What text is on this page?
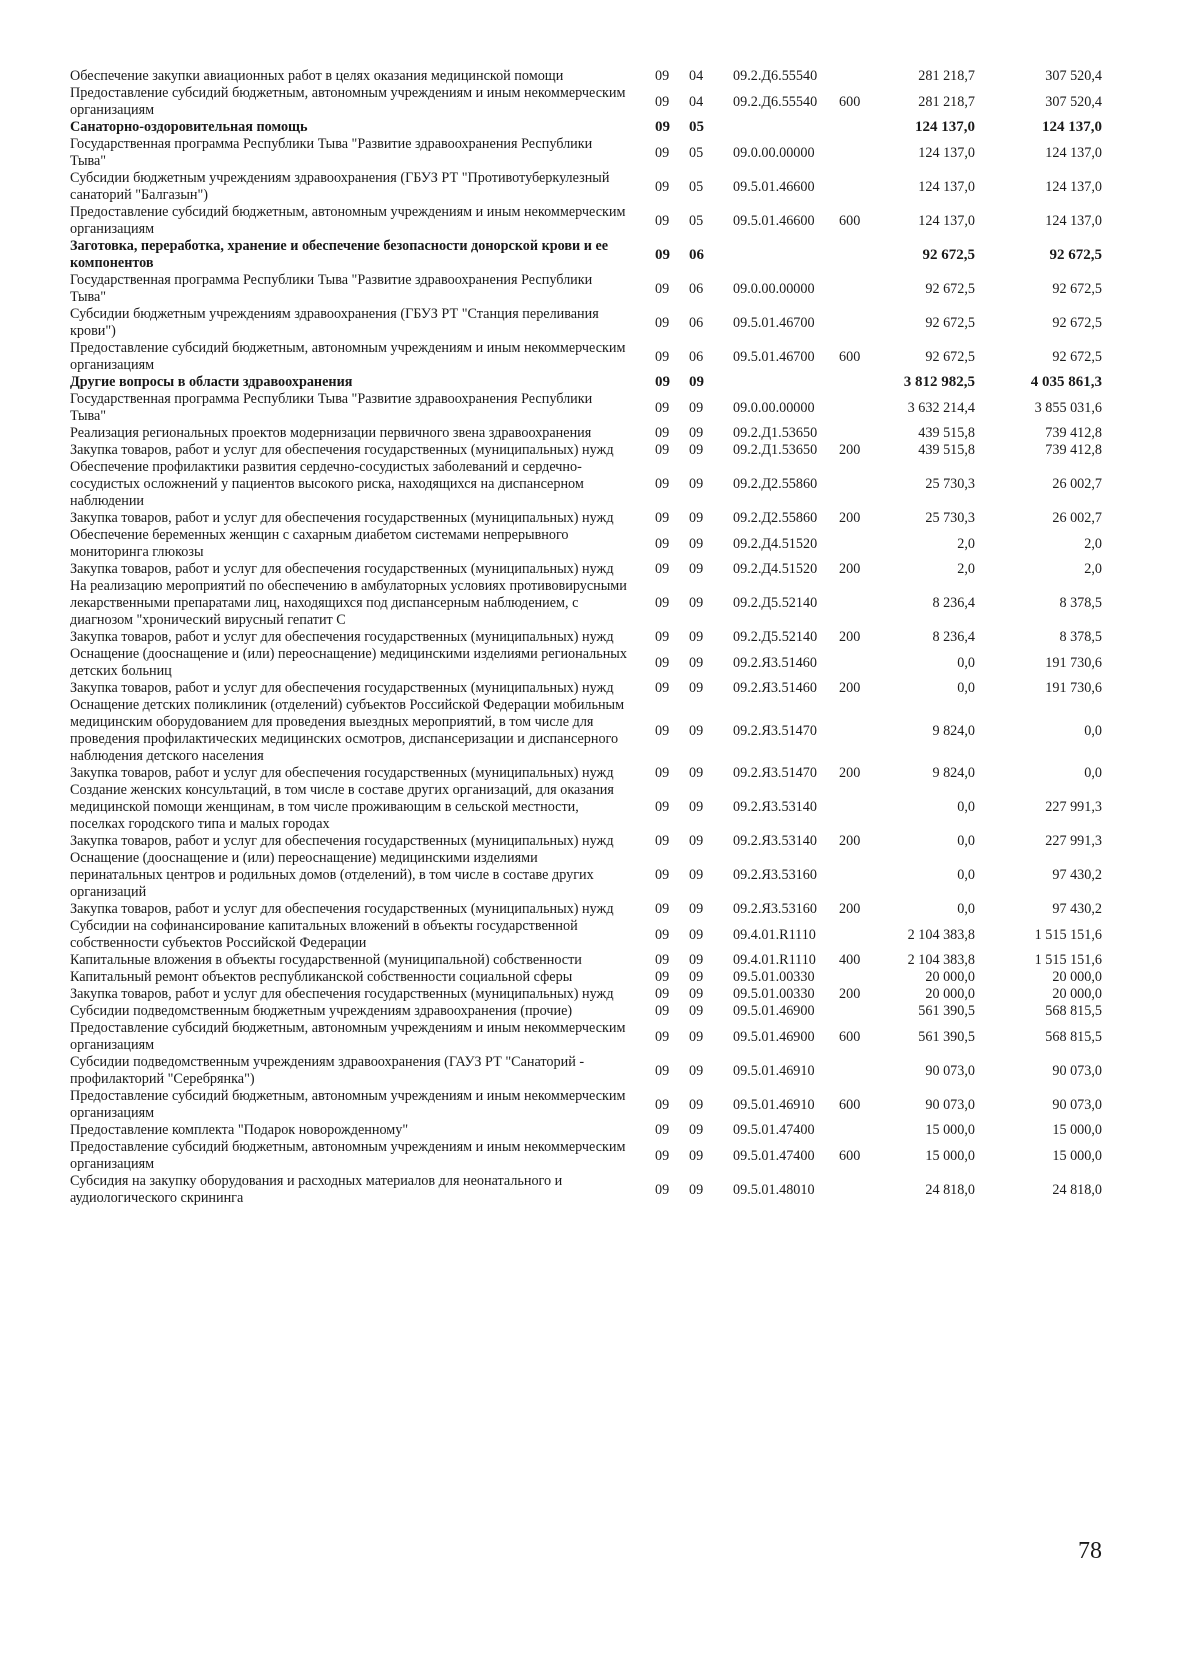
Обеспечение закупки авиационных работ в целях оказания медицинской помощи	09	04	09.2.Д6.55540		281 218,7	307 520,4
Предоставление субсидий бюджетным, автономным учреждениям и иным некоммерческим организациям	09	04	09.2.Д6.55540	600	281 218,7	307 520,4
Санаторно-оздоровительная помощь	09	05			124 137,0	124 137,0
Государственная программа Республики Тыва "Развитие здравоохранения Республики Тыва"	09	05	09.0.00.00000		124 137,0	124 137,0
Субсидии бюджетным учреждениям здравоохранения (ГБУЗ РТ "Противотуберкулезный санаторий "Балгазын")	09	05	09.5.01.46600		124 137,0	124 137,0
Предоставление субсидий бюджетным, автономным учреждениям и иным некоммерческим организациям	09	05	09.5.01.46600	600	124 137,0	124 137,0
Заготовка, переработка, хранение и обеспечение безопасности донорской крови и ее компонентов	09	06			92 672,5	92 672,5
Государственная программа Республики Тыва "Развитие здравоохранения Республики Тыва"	09	06	09.0.00.00000		92 672,5	92 672,5
Субсидии бюджетным учреждениям здравоохранения (ГБУЗ РТ "Станция переливания крови")	09	06	09.5.01.46700		92 672,5	92 672,5
Предоставление субсидий бюджетным, автономным учреждениям и иным некоммерческим организациям	09	06	09.5.01.46700	600	92 672,5	92 672,5
Другие вопросы в области здравоохранения	09	09			3 812 982,5	4 035 861,3
Государственная программа Республики Тыва "Развитие здравоохранения Республики Тыва"	09	09	09.0.00.00000		3 632 214,4	3 855 031,6
Реализация региональных проектов модернизации первичного звена здравоохранения	09	09	09.2.Д1.53650		439 515,8	739 412,8
Закупка товаров, работ и услуг для обеспечения государственных (муниципальных) нужд	09	09	09.2.Д1.53650	200	439 515,8	739 412,8
Обеспечение профилактики развития сердечно-сосудистых заболеваний и сердечно-сосудистых осложнений у пациентов высокого риска, находящихся на диспансерном наблюдении	09	09	09.2.Д2.55860		25 730,3	26 002,7
Закупка товаров, работ и услуг для обеспечения государственных (муниципальных) нужд	09	09	09.2.Д2.55860	200	25 730,3	26 002,7
Обеспечение беременных женщин с сахарным диабетом системами непрерывного мониторинга глюкозы	09	09	09.2.Д4.51520		2,0	2,0
Закупка товаров, работ и услуг для обеспечения государственных (муниципальных) нужд	09	09	09.2.Д4.51520	200	2,0	2,0
На реализацию мероприятий по обеспечению в амбулаторных условиях противовирусными лекарственными препаратами лиц, находящихся под диспансерным наблюдением, с диагнозом "хронический вирусный гепатит С	09	09	09.2.Д5.52140		8 236,4	8 378,5
Закупка товаров, работ и услуг для обеспечения государственных (муниципальных) нужд	09	09	09.2.Д5.52140	200	8 236,4	8 378,5
Оснащение (дооснащение и (или) переоснащение) медицинскими изделиями региональных детских больниц	09	09	09.2.Я3.51460		0,0	191 730,6
Закупка товаров, работ и услуг для обеспечения государственных (муниципальных) нужд	09	09	09.2.Я3.51460	200	0,0	191 730,6
Оснащение детских поликлиник (отделений) субъектов Российской Федерации мобильным медицинским оборудованием для проведения выездных мероприятий, в том числе для проведения профилактических медицинских осмотров, диспансеризации и диспансерного наблюдения детского населения	09	09	09.2.Я3.51470		9 824,0	0,0
Закупка товаров, работ и услуг для обеспечения государственных (муниципальных) нужд	09	09	09.2.Я3.51470	200	9 824,0	0,0
Создание женских консультаций, в том числе в составе других организаций, для оказания медицинской помощи женщинам, в том числе проживающим в сельской местности, поселках городского типа и малых городах	09	09	09.2.Я3.53140		0,0	227 991,3
Закупка товаров, работ и услуг для обеспечения государственных (муниципальных) нужд	09	09	09.2.Я3.53140	200	0,0	227 991,3
Оснащение (дооснащение и (или) переоснащение) медицинскими изделиями перинатальных центров и родильных домов (отделений), в том числе в составе других организаций	09	09	09.2.Я3.53160		0,0	97 430,2
Закупка товаров, работ и услуг для обеспечения государственных (муниципальных) нужд	09	09	09.2.Я3.53160	200	0,0	97 430,2
Субсидии на софинансирование капитальных вложений в объекты государственной собственности субъектов Российской Федерации	09	09	09.4.01.R1110		2 104 383,8	1 515 151,6
Капитальные вложения в объекты государственной (муниципальной) собственности	09	09	09.4.01.R1110	400	2 104 383,8	1 515 151,6
Капитальный ремонт объектов республиканской собственности социальной сферы	09	09	09.5.01.00330		20 000,0	20 000,0
Закупка товаров, работ и услуг для обеспечения государственных (муниципальных) нужд	09	09	09.5.01.00330	200	20 000,0	20 000,0
Субсидии подведомственным бюджетным учреждениям здравоохранения (прочие)	09	09	09.5.01.46900		561 390,5	568 815,5
Предоставление субсидий бюджетным, автономным учреждениям и иным некоммерческим организациям	09	09	09.5.01.46900	600	561 390,5	568 815,5
Субсидии подведомственным учреждениям здравоохранения (ГАУЗ РТ "Санаторий - профилакторий "Серебрянка")	09	09	09.5.01.46910		90 073,0	90 073,0
Предоставление субсидий бюджетным, автономным учреждениям и иным некоммерческим организациям	09	09	09.5.01.46910	600	90 073,0	90 073,0
Предоставление комплекта "Подарок новорожденному"	09	09	09.5.01.47400		15 000,0	15 000,0
Предоставление субсидий бюджетным, автономным учреждениям и иным некоммерческим организациям	09	09	09.5.01.47400	600	15 000,0	15 000,0
Субсидия на закупку оборудования и расходных материалов для неонатального и аудиологического скрининга	09	09	09.5.01.48010		24 818,0	24 818,0
78
